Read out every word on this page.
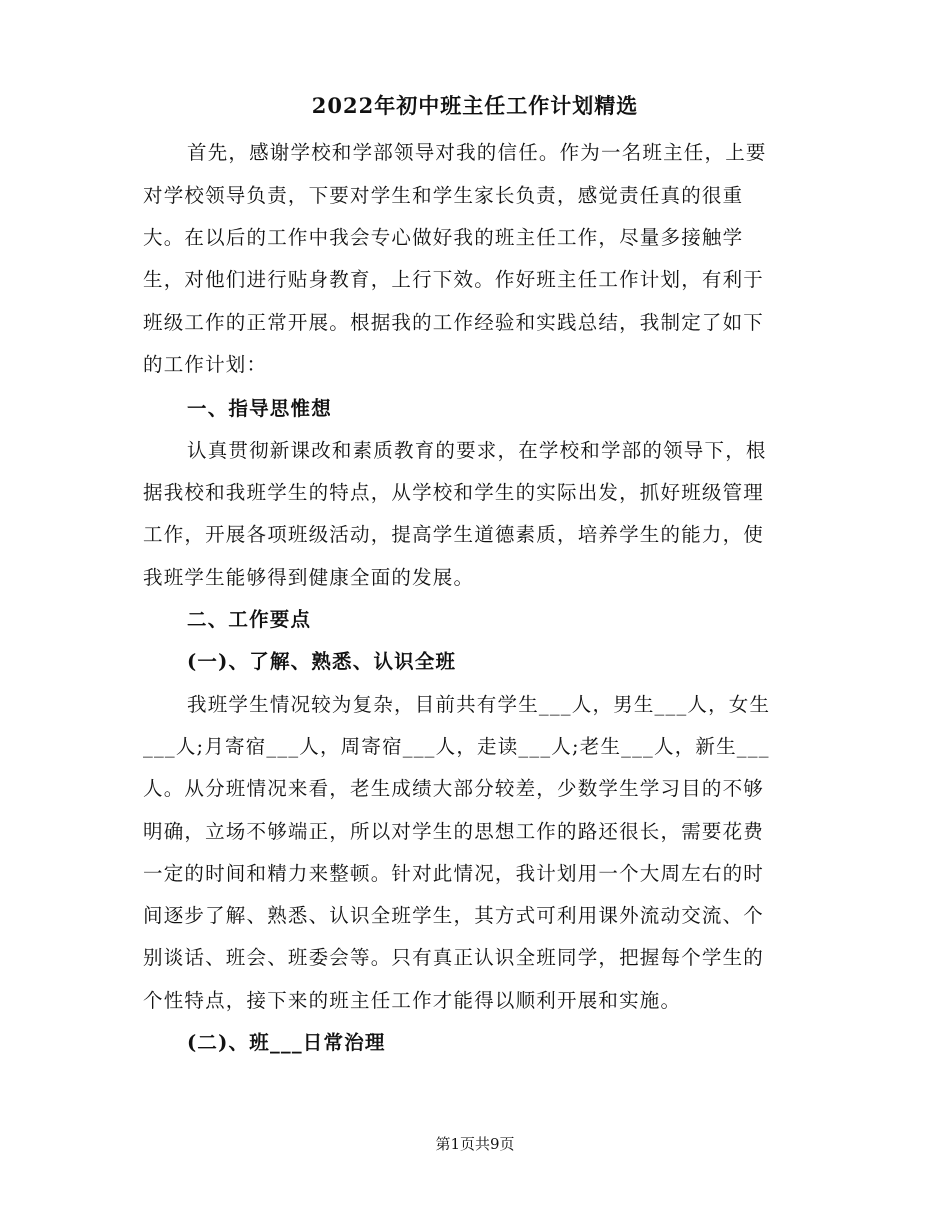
2022年初中班主任工作计划精选
首先，感谢学校和学部领导对我的信任。作为一名班主任，上要
对学校领导负责，下要对学生和学生家长负责，感觉责任真的很重
大。在以后的工作中我会专心做好我的班主任工作，尽量多接触学
生，对他们进行贴身教育，上行下效。作好班主任工作计划，有利于
班级工作的正常开展。根据我的工作经验和实践总结，我制定了如下
的工作计划：
一、指导思惟想
认真贯彻新课改和素质教育的要求，在学校和学部的领导下，根
据我校和我班学生的特点，从学校和学生的实际出发，抓好班级管理
工作，开展各项班级活动，提高学生道德素质，培养学生的能力，使
我班学生能够得到健康全面的发展。
二、工作要点
(一)、了解、熟悉、认识全班
我班学生情况较为复杂，目前共有学生___人，男生___人，女生
___人;月寄宿___人，周寄宿___人，走读___人;老生___人，新生___
人。从分班情况来看，老生成绩大部分较差，少数学生学习目的不够
明确，立场不够端正，所以对学生的思想工作的路还很长，需要花费
一定的时间和精力来整顿。针对此情况，我计划用一个大周左右的时
间逐步了解、熟悉、认识全班学生，其方式可利用课外流动交流、个
别谈话、班会、班委会等。只有真正认识全班同学，把握每个学生的
个性特点，接下来的班主任工作才能得以顺利开展和实施。
(二)、班___日常治理
第1页共9页
